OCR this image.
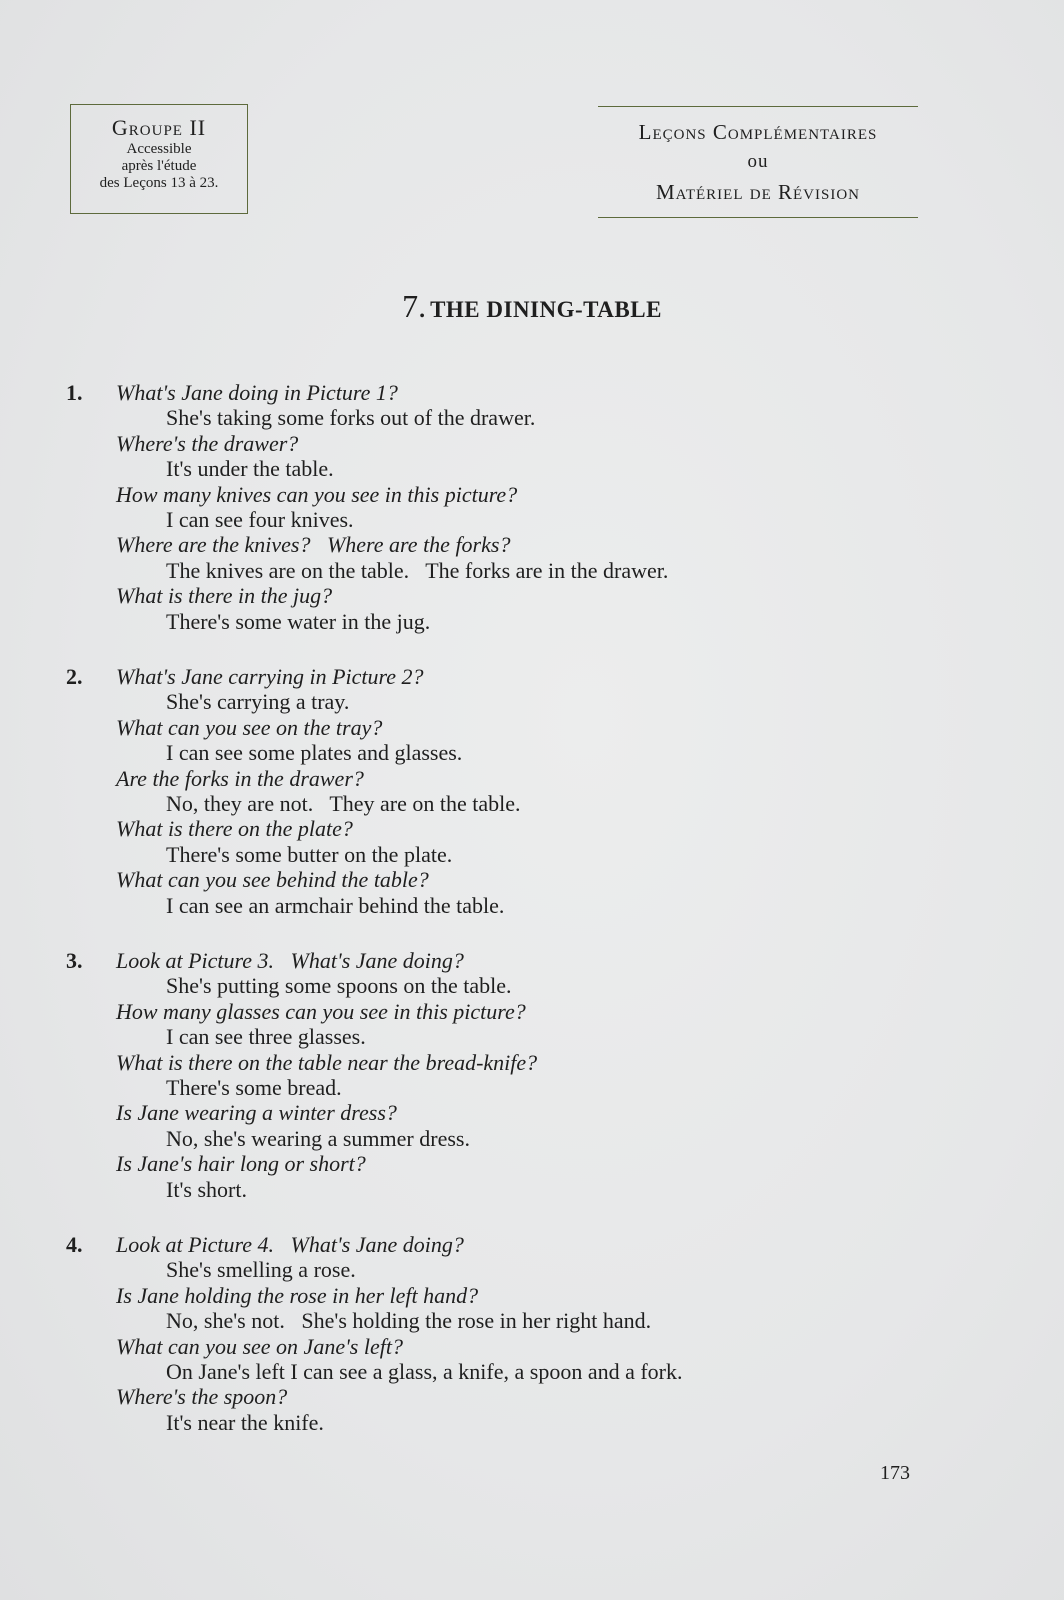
Groupe II
Accessible
après l'étude
des Leçons 13 à 23.
Leçons Complémentaires
ou
Matériel de Révision
7. THE DINING-TABLE
1. What's Jane doing in Picture 1?
She's taking some forks out of the drawer.
Where's the drawer?
It's under the table.
How many knives can you see in this picture?
I can see four knives.
Where are the knives?   Where are the forks?
The knives are on the table.   The forks are in the drawer.
What is there in the jug?
There's some water in the jug.
2. What's Jane carrying in Picture 2?
She's carrying a tray.
What can you see on the tray?
I can see some plates and glasses.
Are the forks in the drawer?
No, they are not.   They are on the table.
What is there on the plate?
There's some butter on the plate.
What can you see behind the table?
I can see an armchair behind the table.
3. Look at Picture 3.   What's Jane doing?
She's putting some spoons on the table.
How many glasses can you see in this picture?
I can see three glasses.
What is there on the table near the bread-knife?
There's some bread.
Is Jane wearing a winter dress?
No, she's wearing a summer dress.
Is Jane's hair long or short?
It's short.
4. Look at Picture 4.   What's Jane doing?
She's smelling a rose.
Is Jane holding the rose in her left hand?
No, she's not.   She's holding the rose in her right hand.
What can you see on Jane's left?
On Jane's left I can see a glass, a knife, a spoon and a fork.
Where's the spoon?
It's near the knife.
173
